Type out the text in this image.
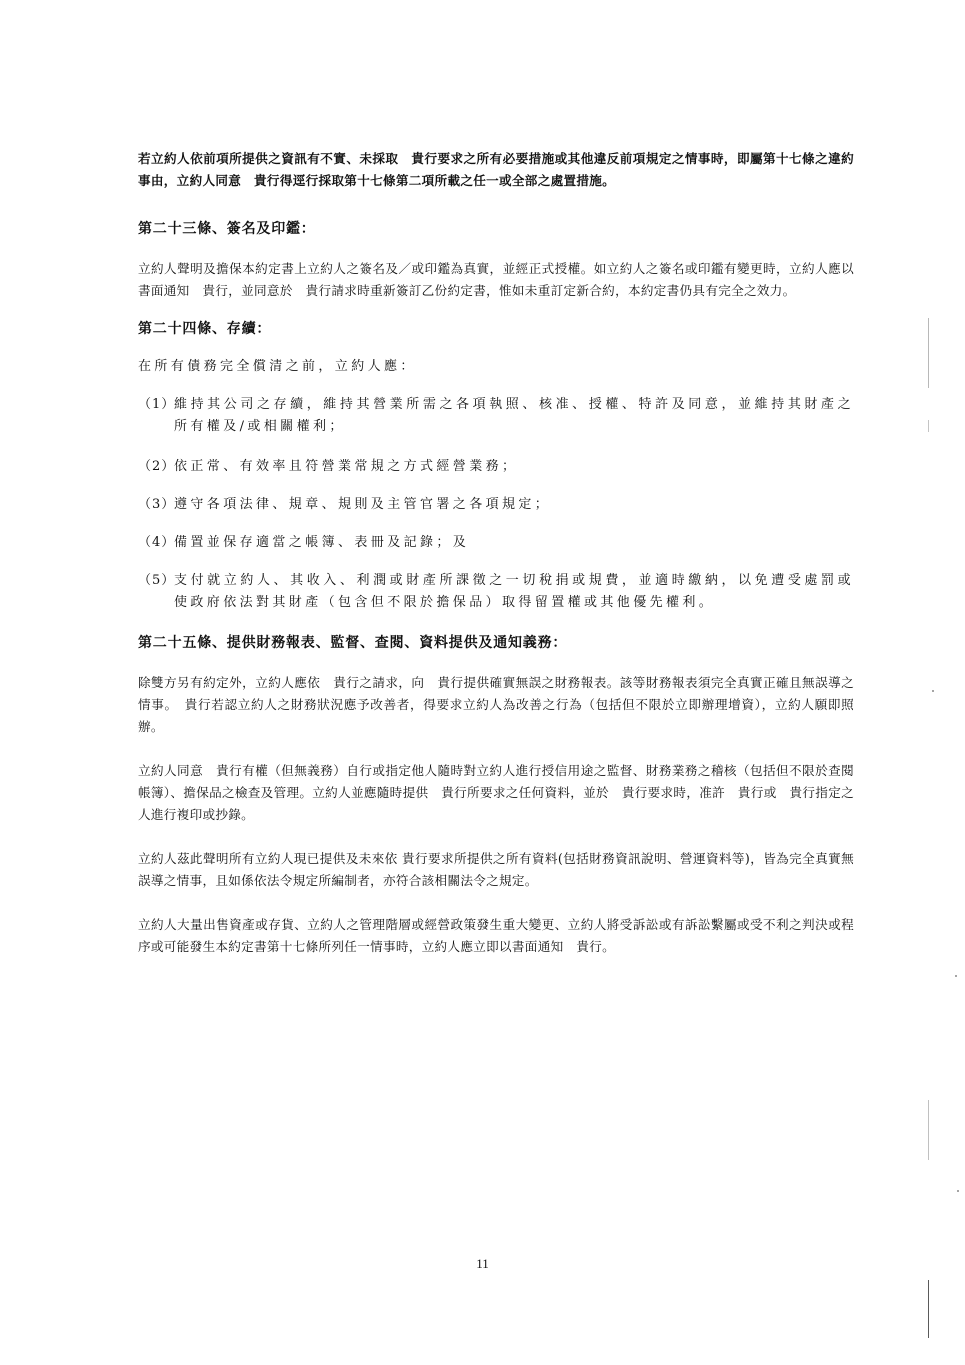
若立約人依前項所提供之資訊有不實、未採取　貴行要求之所有必要措施或其他違反前項規定之情事時，即屬第十七條之違約事由，立約人同意　貴行得逕行採取第十七條第二項所載之任一或全部之處置措施。

第二十三條、簽名及印鑑：

立約人聲明及擔保本約定書上立約人之簽名及／或印鑑為真實，並經正式授權。如立約人之簽名或印鑑有變更時，立約人應以書面通知　貴行，並同意於　貴行請求時重新簽訂乙份約定書，惟如未重訂定新合約，本約定書仍具有完全之效力。

第二十四條、存續：

在所有債務完全償清之前，立約人應：

（1）
維持其公司之存續，維持其營業所需之各項執照、核准、授權、特許及同意，並維持其財產之所有權及/或相關權利；
（2）
依正常、有效率且符營業常規之方式經營業務；
（3）
遵守各項法律、規章、規則及主管官署之各項規定；
（4）
備置並保存適當之帳簿、表冊及記錄；及
（5）
支付就立約人、其收入、利潤或財產所課徵之一切稅捐或規費，並適時繳納，以免遭受處罰或使政府依法對其財產（包含但不限於擔保品）取得留置權或其他優先權利。

第二十五條、提供財務報表、監督、查閱、資料提供及通知義務：

除雙方另有約定外，立約人應依　貴行之請求，向　貴行提供確實無誤之財務報表。該等財務報表須完全真實正確且無誤導之情事。　貴行若認立約人之財務狀況應予改善者，得要求立約人為改善之行為（包括但不限於立即辦理增資），立約人願即照辦。

立約人同意　貴行有權（但無義務）自行或指定他人隨時對立約人進行授信用途之監督、財務業務之稽核（包括但不限於查閱帳簿）、擔保品之檢查及管理。立約人並應隨時提供　貴行所要求之任何資料，並於　貴行要求時，准許　貴行或　貴行指定之人進行複印或抄錄。

立約人茲此聲明所有立約人現已提供及未來依 貴行要求所提供之所有資料(包括財務資訊說明、營運資料等)，皆為完全真實無誤導之情事，且如係依法令規定所編制者，亦符合該相關法令之規定。

立約人大量出售資產或存貨、立約人之管理階層或經營政策發生重大變更、立約人將受訴訟或有訴訟繫屬或受不利之判決或程序或可能發生本約定書第十七條所列任一情事時，立約人應立即以書面通知　貴行。

11
